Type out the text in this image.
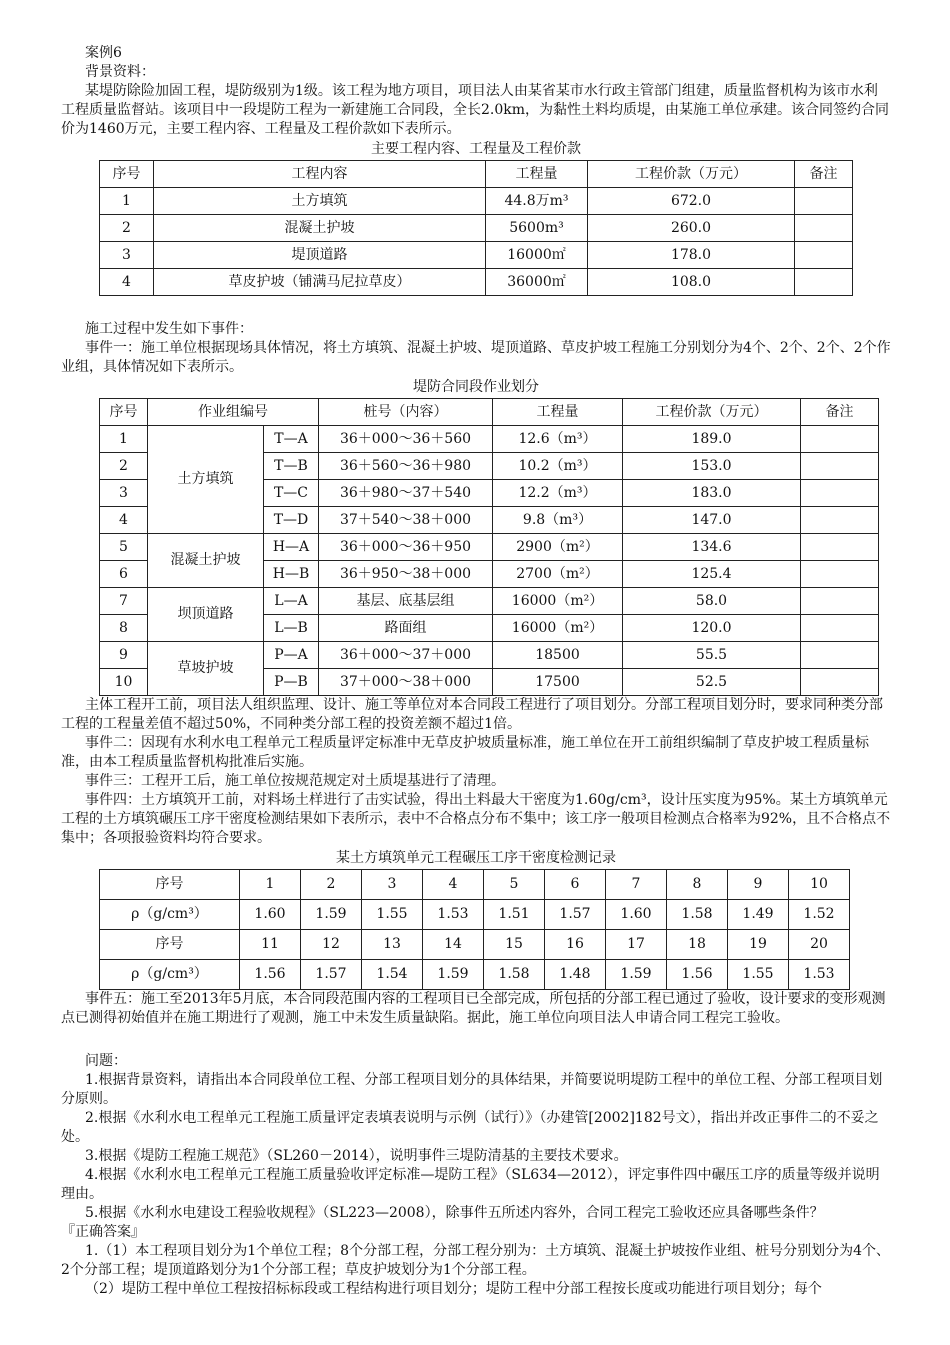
案例6

背景资料：

某堤防除险加固工程，堤防级别为1级。该工程为地方项目，项目法人由某省某市水行政主管部门组建，质量监督机构为该市水利工程质量监督站。该项目中一段堤防工程为一新建施工合同段，全长2.0km，为黏性土料均质堤，由某施工单位承建。该合同签约合同价为1460万元，主要工程内容、工程量及工程价款如下表所示。

主要工程内容、工程量及工程价款

序号	工程内容	工程量	工程价款（万元）	备注
1	土方填筑	44.8万m³	672.0	
2	混凝土护坡	5600m³	260.0	
3	堤顶道路	16000㎡	178.0	
4	草皮护坡（铺满马尼拉草皮）	36000㎡	108.0	

施工过程中发生如下事件：

事件一：施工单位根据现场具体情况，将土方填筑、混凝土护坡、堤顶道路、草皮护坡工程施工分别划分为4个、2个、2个、2个作业组，具体情况如下表所示。

堤防合同段作业划分

序号	作业组编号		桩号（内容）	工程量	工程价款（万元）	备注
1	土方填筑	T—A	36＋000～36＋560	12.6（m³）	189.0	
2		T—B	36＋560～36＋980	10.2（m³）	153.0	
3		T—C	36＋980～37＋540	12.2（m³）	183.0	
4		T—D	37＋540～38＋000	9.8（m³）	147.0	
5	混凝土护坡	H—A	36＋000～36＋950	2900（m²）	134.6	
6		H—B	36＋950～38＋000	2700（m²）	125.4	
7	坝顶道路	L—A	基层、底基层组	16000（m²）	58.0	
8		L—B	路面组	16000（m²）	120.0	
9	草坡护坡	P—A	36＋000～37＋000	18500	55.5	
10		P—B	37＋000～38＋000	17500	52.5	

主体工程开工前，项目法人组织监理、设计、施工等单位对本合同段工程进行了项目划分。分部工程项目划分时，要求同种类分部工程的工程量差值不超过50%，不同种类分部工程的投资差额不超过1倍。

事件二：因现有水利水电工程单元工程质量评定标准中无草皮护坡质量标准，施工单位在开工前组织编制了草皮护坡工程质量标准，由本工程质量监督机构批准后实施。

事件三：工程开工后，施工单位按规范规定对土质堤基进行了清理。

事件四：土方填筑开工前，对料场土样进行了击实试验，得出土料最大干密度为1.60g/cm³，设计压实度为95%。某土方填筑单元工程的土方填筑碾压工序干密度检测结果如下表所示，表中不合格点分布不集中；该工序一般项目检测点合格率为92%，且不合格点不集中；各项报验资料均符合要求。

某土方填筑单元工程碾压工序干密度检测记录

序号	1	2	3	4	5	6	7	8	9	10
ρ（g/cm³）	1.60	1.59	1.55	1.53	1.51	1.57	1.60	1.58	1.49	1.52
序号	11	12	13	14	15	16	17	18	19	20
ρ（g/cm³）	1.56	1.57	1.54	1.59	1.58	1.48	1.59	1.56	1.55	1.53

事件五：施工至2013年5月底，本合同段范围内容的工程项目已全部完成，所包括的分部工程已通过了验收，设计要求的变形观测点已测得初始值并在施工期进行了观测，施工中未发生质量缺陷。据此，施工单位向项目法人申请合同工程完工验收。

问题：

1.根据背景资料，请指出本合同段单位工程、分部工程项目划分的具体结果，并简要说明堤防工程中的单位工程、分部工程项目划分原则。

2.根据《水利水电工程单元工程施工质量评定表填表说明与示例（试行）》（办建管[2002]182号文），指出并改正事件二的不妥之处。

3.根据《堤防工程施工规范》（SL260－2014），说明事件三堤防清基的主要技术要求。

4.根据《水利水电工程单元工程施工质量验收评定标准—堤防工程》（SL634—2012），评定事件四中碾压工序的质量等级并说明理由。

5.根据《水利水电建设工程验收规程》（SL223—2008），除事件五所述内容外，合同工程完工验收还应具备哪些条件？

『正确答案』

1.（1）本工程项目划分为1个单位工程；8个分部工程，分部工程分别为：土方填筑、混凝土护坡按作业组、桩号分别划分为4个、2个分部工程；堤顶道路划分为1个分部工程；草皮护坡划分为1个分部工程。

（2）堤防工程中单位工程按招标标段或工程结构进行项目划分；堤防工程中分部工程按长度或功能进行项目划分；每个
